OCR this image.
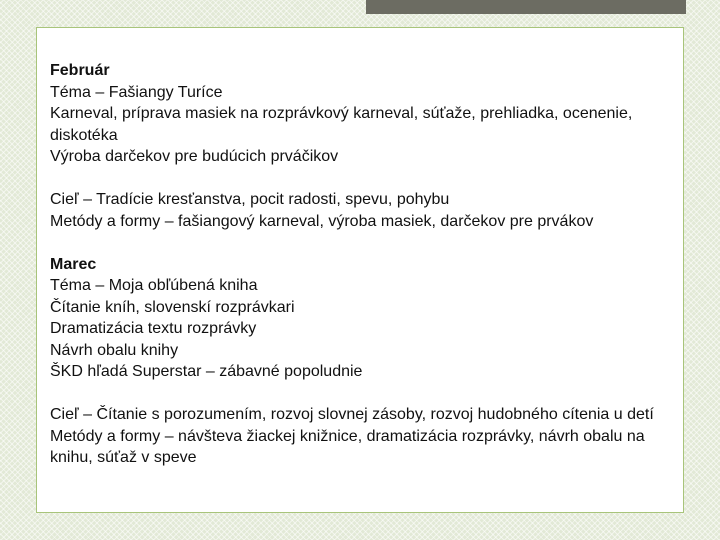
Február
Téma – Fašiangy Turíce
Karneval, príprava masiek na rozprávkový karneval, súťaže, prehliadka, ocenenie, diskotéka
Výroba darčekov pre budúcich prváčikov
Cieľ – Tradície kresťanstva, pocit radosti, spevu, pohybu
Metódy a formy – fašiangový karneval, výroba masiek, darčekov pre prvákov
Marec
Téma – Moja obľúbená kniha
Čítanie kníh, slovenskí rozprávkari
Dramatizácia textu rozprávky
Návrh obalu knihy
ŠKD hľadá Superstar – zábavné popoludnie
Cieľ – Čítanie s porozumením, rozvoj slovnej zásoby, rozvoj hudobného cítenia u detí
Metódy a formy – návšteva žiackej knižnice, dramatizácia rozprávky, návrh obalu na knihu, súťaž v speve
